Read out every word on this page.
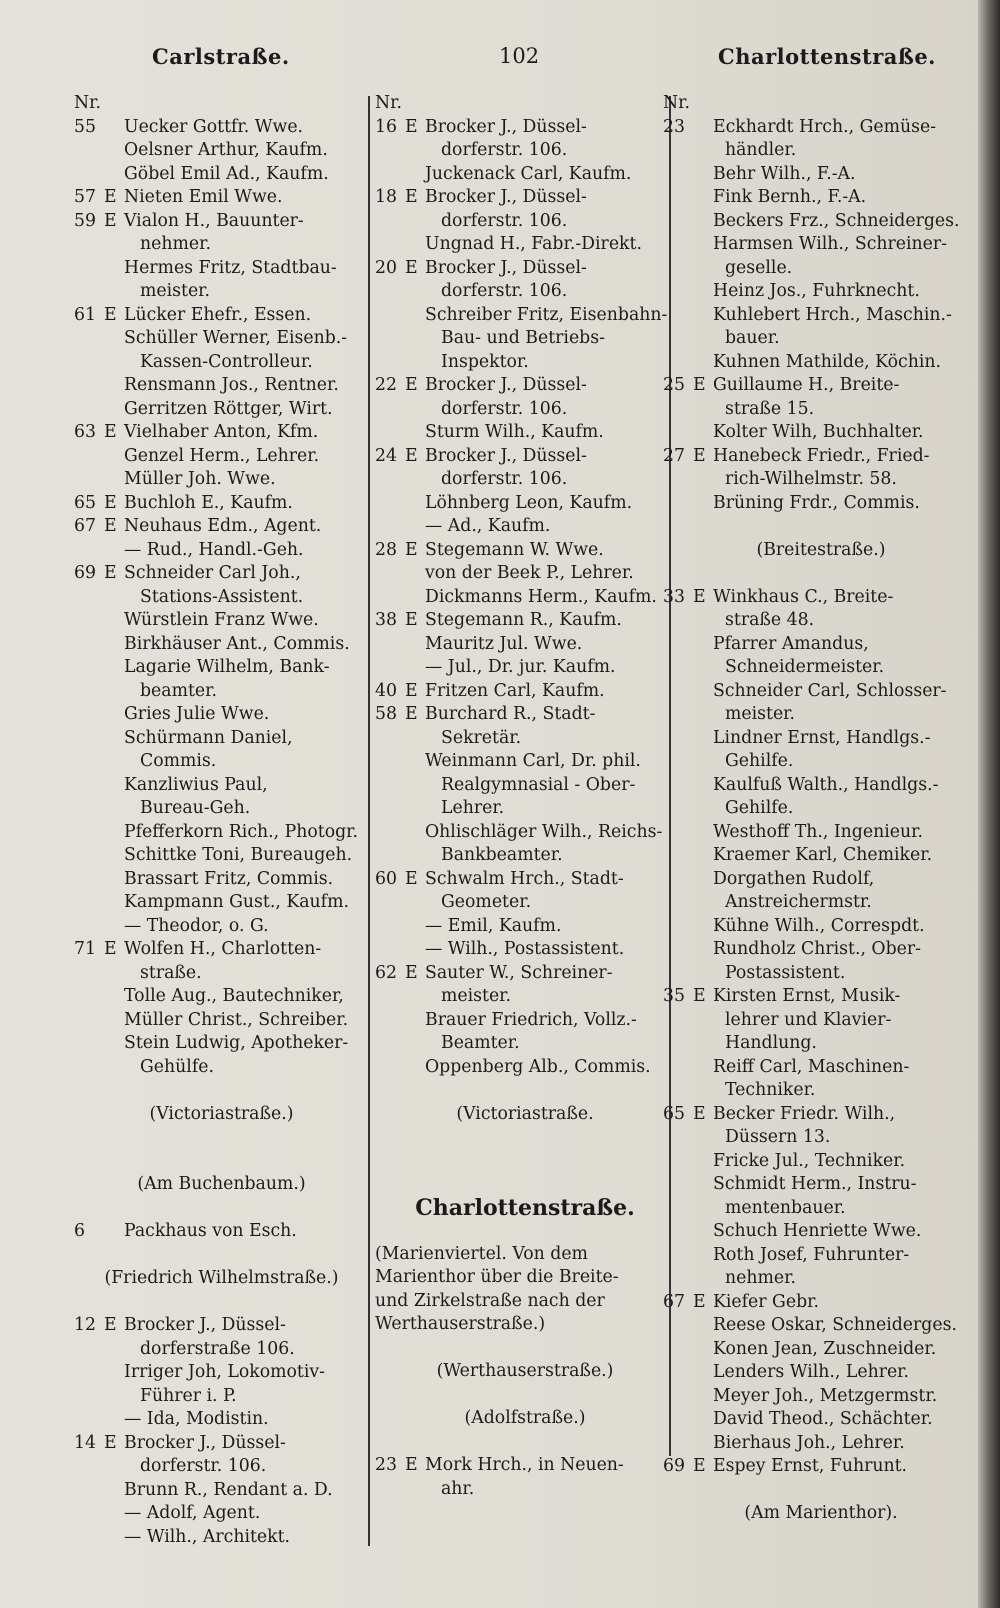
Carlstraße.	102	Charlottenstraße.
Nr.
55 Uecker Gottfr. Wwe.
Oelsner Arthur, Kaufm.
Göbel Emil Ad., Kaufm.
57 E Nieten Emil Wwe.
59 E Vialon H., Bauunter-
nehmer.
Hermes Fritz, Stadtbau-
meister.
61 E Lücker Ehefr., Essen.
Schüller Werner, Eisenb.-
Kassen-Controlleur.
Rensmann Jos., Rentner.
Gerritzen Röttger, Wirt.
63 E Vielhaber Anton, Kfm.
Genzel Herm., Lehrer.
Müller Joh. Wwe.
65 E Buchloh E., Kaufm.
67 E Neuhaus Edm., Agent.
— Rud., Handl.-Geh.
69 E Schneider Carl Joh.,
Stations-Assistent.
Würstlein Franz Wwe.
Birkhäuser Ant., Commis.
Lagarie Wilhelm, Bank-
beamter.
Gries Julie Wwe.
Schürmann Daniel,
Commis.
Kanzliwius Paul,
Bureau-Geh.
Pfefferkorn Rich., Photogr.
Schittke Toni, Bureaugeh.
Brassart Fritz, Commis.
Kampmann Gust., Kaufm.
— Theodor, o. G.
71 E Wolfen H., Charlotten-
straße.
Tolle Aug., Bautechniker,
Müller Christ., Schreiber.
Stein Ludwig, Apotheker-
Gehülfe.
(Victoriastraße.)
(Am Buchenbaum.)
6 Packhaus von Esch.
(Friedrich Wilhelmstraße.)
12 E Brocker J., Düssel-
dorferstraße 106.
Irriger Joh, Lokomotiv-
Führer i. P.
— Ida, Modistin.
14 E Brocker J., Düssel-
dorferstr. 106.
Brunn R., Rendant a. D.
— Adolf, Agent.
— Wilh., Architekt.
Nr.
16 E Brocker J., Düssel-
dorferstr. 106.
Juckenack Carl, Kaufm.
18 E Brocker J., Düssel-
dorferstr. 106.
Ungnad H., Fabr.-Direkt.
20 E Brocker J., Düssel-
dorferstr. 106.
Schreiber Fritz, Eisenbahn-
Bau- und Betriebs-
Inspektor.
22 E Brocker J., Düssel-
dorferstr. 106.
Sturm Wilh., Kaufm.
24 E Brocker J., Düssel-
dorferstr. 106.
Löhnberg Leon, Kaufm.
— Ad., Kaufm.
28 E Stegemann W. Wwe.
von der Beek P., Lehrer.
Dickmanns Herm., Kaufm.
38 E Stegemann R., Kaufm.
Mauritz Jul. Wwe.
— Jul., Dr. jur. Kaufm.
40 E Fritzen Carl, Kaufm.
58 E Burchard R., Stadt-
Sekretär.
Weinmann Carl, Dr. phil.
Realgymnasial - Ober-
Lehrer.
Ohlischläger Wilh., Reichs-
Bankbeamter.
60 E Schwalm Hrch., Stadt-
Geometer.
— Emil, Kaufm.
— Wilh., Postassistent.
62 E Sauter W., Schreiner-
meister.
Brauer Friedrich, Vollz.-
Beamter.
Oppenberg Alb., Commis.
(Victoriastraße.
Charlottenstraße.
(Marienviertel. Von dem
Marienthor über die Breite-
und Zirkelstraße nach der
Werthauserstraße.)
(Werthauserstraße.)
(Adolfstraße.)
23 E Mork Hrch., in Neuen-
ahr.
Nr.
23 Eckhardt Hrch., Gemüse-
händler.
Behr Wilh., F.-A.
Fink Bernh., F.-A.
Beckers Frz., Schneiderges.
Harmsen Wilh., Schreiner-
geselle.
Heinz Jos., Fuhrknecht.
Kuhlebert Hrch., Maschin.-
bauer.
Kuhnen Mathilde, Köchin.
25 E Guillaume H., Breite-
straße 15.
Kolter Wilh, Buchhalter.
27 E Hanebeck Friedr., Fried-
rich-Wilhelmstr. 58.
Brüning Frdr., Commis.
(Breitestraße.)
33 E Winkhaus C., Breite-
straße 48.
Pfarrer Amandus,
Schneidermeister.
Schneider Carl, Schlosser-
meister.
Lindner Ernst, Handlgs.-
Gehilfe.
Kaulfuß Walth., Handlgs.-
Gehilfe.
Westhoff Th., Ingenieur.
Kraemer Karl, Chemiker.
Dorgathen Rudolf,
Anstreichermstr.
Kühne Wilh., Correspdt.
Rundholz Christ., Ober-
Postassistent.
35 E Kirsten Ernst, Musik-
lehrer und Klavier-
Handlung.
Reiff Carl, Maschinen-
Techniker.
65 E Becker Friedr. Wilh.,
Düssern 13.
Fricke Jul., Techniker.
Schmidt Herm., Instru-
mentenbauer.
Schuch Henriette Wwe.
Roth Josef, Fuhrunter-
nehmer.
67 E Kiefer Gebr.
Reese Oskar, Schneiderges.
Konen Jean, Zuschneider.
Lenders Wilh., Lehrer.
Meyer Joh., Metzgermstr.
David Theod., Schächter.
Bierhaus Joh., Lehrer.
69 E Espey Ernst, Fuhrunt.
(Am Marienthor).
